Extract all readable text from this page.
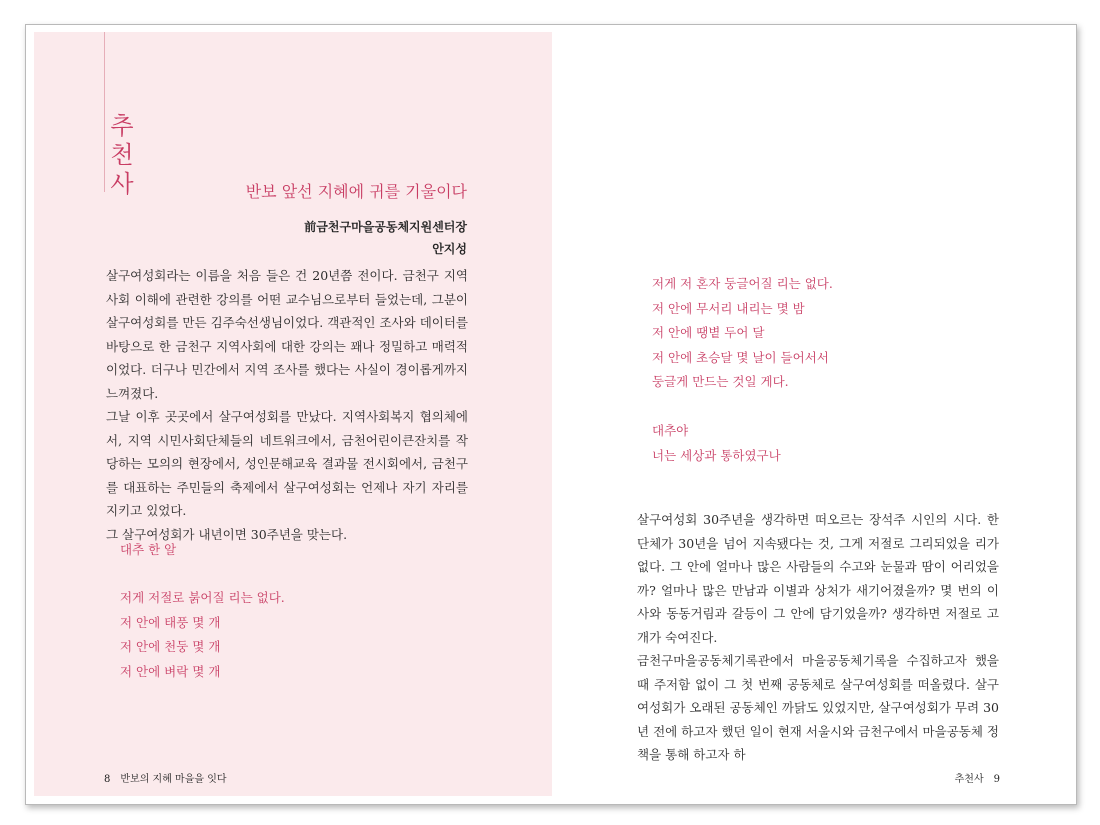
추
천
사	반보 앞선 지혜에 귀를 기울이다
前금천구마을공동체지원센터장
안지성

살구여성회라는 이름을 처음 들은 건 20년쯤 전이다. 금천구 지역사회 이해에 관련한 강의를 어떤 교수님으로부터 들었는데, 그분이 살구여성회를 만든 김주숙선생님이었다. 객관적인 조사와 데이터를 바탕으로 한 금천구 지역사회에 대한 강의는 꽤나 정밀하고 매력적이었다. 더구나 민간에서 지역 조사를 했다는 사실이 경이롭게까지 느껴졌다.

그날 이후 곳곳에서 살구여성회를 만났다. 지역사회복지 협의체에서, 지역 시민사회단체들의 네트워크에서, 금천어린이큰잔치를 작당하는 모의의 현장에서, 성인문해교육 결과물 전시회에서, 금천구를 대표하는 주민들의 축제에서 살구여성회는 언제나 자기 자리를 지키고 있었다.

그 살구여성회가 내년이면 30주년을 맞는다.

대추 한 알
저게 저절로 붉어질 리는 없다.
저 안에 태풍 몇 개
저 안에 천둥 몇 개
저 안에 벼락 몇 개
8 반보의 지혜 마을을 잇다
저게 저 혼자 둥글어질 리는 없다.
저 안에 무서리 내리는 몇 밤
저 안에 땡볕 두어 달
저 안에 초승달 몇 날이 들어서서
둥글게 만드는 것일 게다.
대추야
너는 세상과 통하였구나

살구여성회 30주년을 생각하면 떠오르는 장석주 시인의 시다. 한 단체가 30년을 넘어 지속됐다는 것, 그게 저절로 그리되었을 리가 없다. 그 안에 얼마나 많은 사람들의 수고와 눈물과 땀이 어리었을까? 얼마나 많은 만남과 이별과 상처가 새기어졌을까? 몇 번의 이사와 동동거림과 갈등이 그 안에 담기었을까? 생각하면 저절로 고개가 숙여진다.

금천구마을공동체기록관에서 마을공동체기록을 수집하고자 했을 때 주저함 없이 그 첫 번째 공동체로 살구여성회를 떠올렸다. 살구여성회가 오래된 공동체인 까닭도 있었지만, 살구여성회가 무려 30년 전에 하고자 했던 일이 현재 서울시와 금천구에서 마을공동체 정책을 통해 하고자 하

추천사 9
